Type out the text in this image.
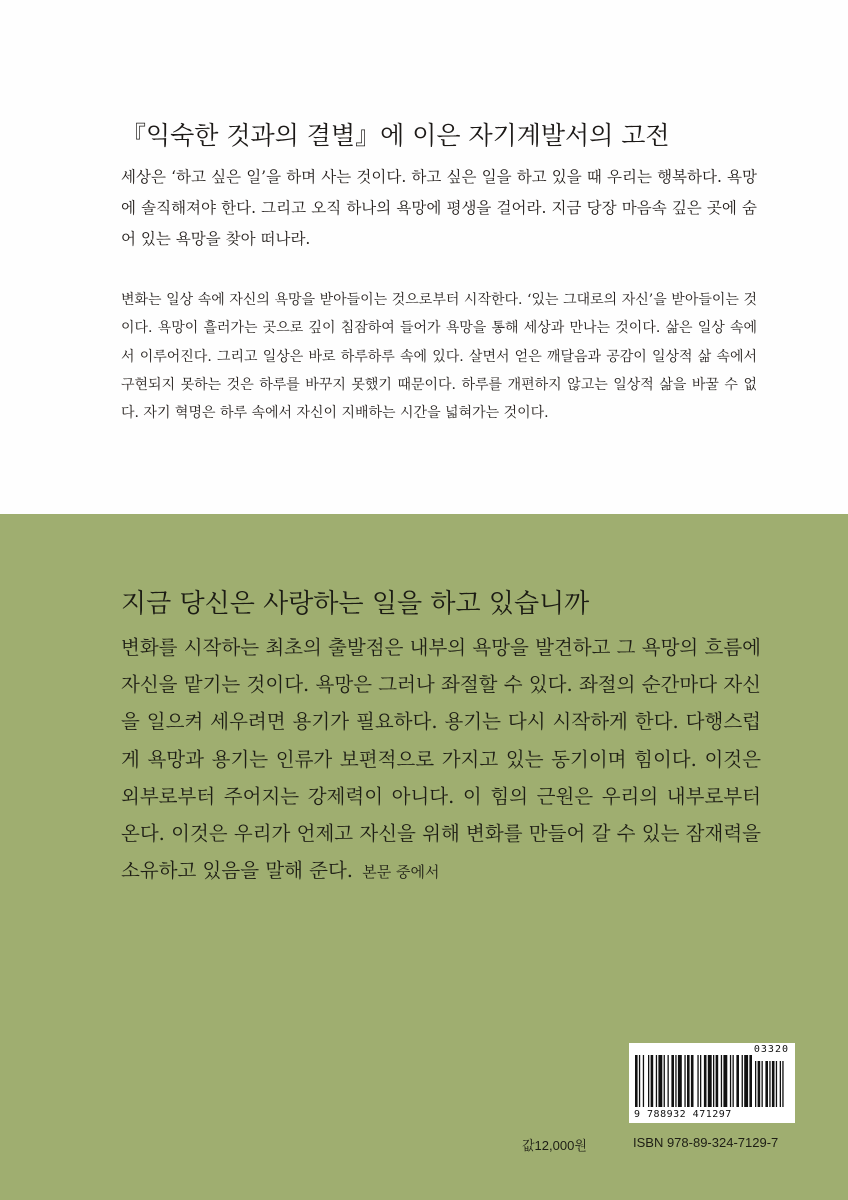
『익숙한 것과의 결별』에 이은 자기계발서의 고전

세상은 ‘하고 싶은 일’을 하며 사는 것이다. 하고 싶은 일을 하고 있을 때 우리는 행복하다. 욕망에 솔직해져야 한다. 그리고 오직 하나의 욕망에 평생을 걸어라. 지금 당장 마음속 깊은 곳에 숨어 있는 욕망을 찾아 떠나라.

변화는 일상 속에 자신의 욕망을 받아들이는 것으로부터 시작한다. ‘있는 그대로의 자신’을 받아들이는 것이다. 욕망이 흘러가는 곳으로 깊이 침잠하여 들어가 욕망을 통해 세상과 만나는 것이다. 삶은 일상 속에서 이루어진다. 그리고 일상은 바로 하루하루 속에 있다. 살면서 얻은 깨달음과 공감이 일상적 삶 속에서 구현되지 못하는 것은 하루를 바꾸지 못했기 때문이다. 하루를 개편하지 않고는 일상적 삶을 바꿀 수 없다. 자기 혁명은 하루 속에서 자신이 지배하는 시간을 넓혀가는 것이다.

지금 당신은 사랑하는 일을 하고 있습니까

변화를 시작하는 최초의 출발점은 내부의 욕망을 발견하고 그 욕망의 흐름에 자신을 맡기는 것이다. 욕망은 그러나 좌절할 수 있다. 좌절의 순간마다 자신을 일으켜 세우려면 용기가 필요하다. 용기는 다시 시작하게 한다. 다행스럽게 욕망과 용기는 인류가 보편적으로 가지고 있는 동기이며 힘이다. 이것은 외부로부터 주어지는 강제력이 아니다. 이 힘의 근원은 우리의 내부로부터 온다. 이것은 우리가 언제고 자신을 위해 변화를 만들어 갈 수 있는 잠재력을 소유하고 있음을 말해 준다. 본문 중에서

03320

9 788932 471297

값12,000원	ISBN 978-89-324-7129-7
